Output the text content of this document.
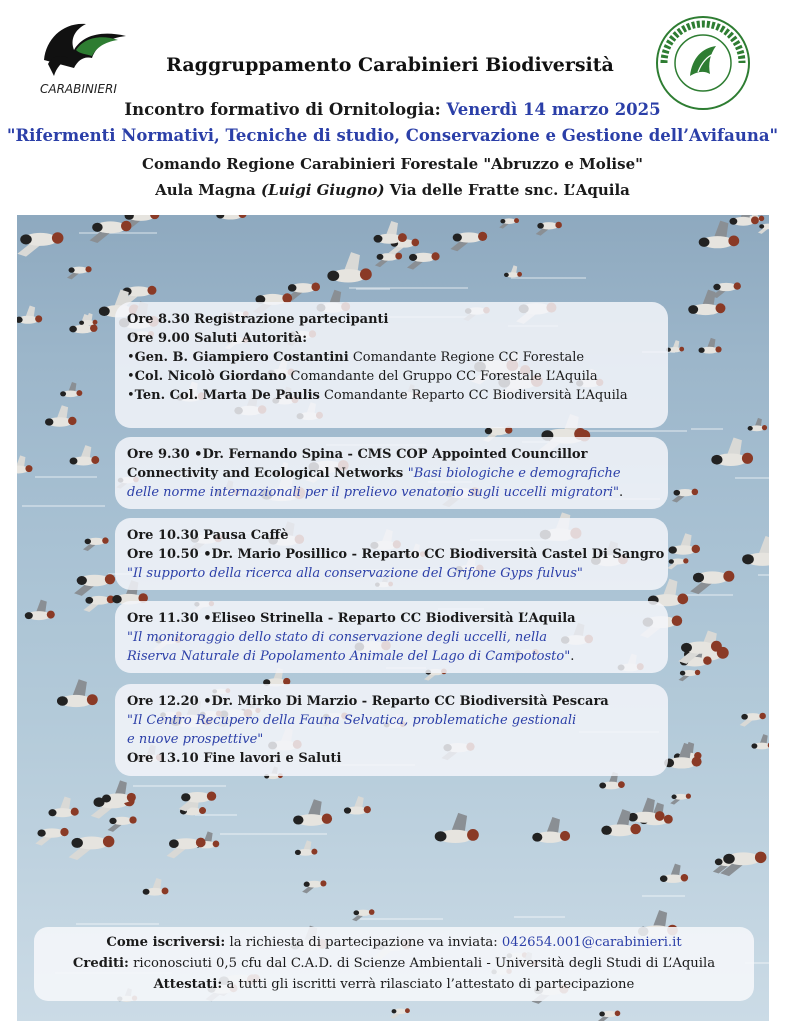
CARABINIERI
Raggruppamento Carabinieri Biodiversità
Incontro formativo di Ornitologia: Venerdì 14 marzo 2025
"Rifermenti Normativi, Tecniche di studio, Conservazione e Gestione dell’Avifauna"
Comando Regione Carabinieri Forestale "Abruzzo e Molise"
Aula Magna (Luigi Giugno) Via delle Fratte snc. L’Aquila
Ore 8.30 Registrazione partecipanti
Ore 9.00 Saluti Autorità:
•Gen. B. Giampiero Costantini Comandante Regione CC Forestale
•Col. Nicolò Giordano Comandante del Gruppo CC Forestale L’Aquila
•Ten. Col. Marta De Paulis Comandante Reparto CC Biodiversità L’Aquila
Ore 9.30 •Dr. Fernando Spina - CMS COP Appointed Councillor
Connectivity and Ecological Networks "Basi biologiche e demografiche
delle norme internazionali per il prelievo venatorio sugli uccelli migratori".
Ore 10.30 Pausa Caffè
Ore 10.50 •Dr. Mario Posillico - Reparto CC Biodiversità Castel Di Sangro
"Il supporto della ricerca alla conservazione del Grifone Gyps fulvus"
Ore 11.30 •Eliseo Strinella - Reparto CC Biodiversità L’Aquila
"Il monitoraggio dello stato di conservazione degli uccelli, nella
Riserva Naturale di Popolamento Animale del Lago di Campotosto".
Ore 12.20 •Dr. Mirko Di Marzio - Reparto CC Biodiversità Pescara
"Il Centro Recupero della Fauna Selvatica, problematiche gestionali
e nuove prospettive"
Ore 13.10 Fine lavori e Saluti
Come iscriversi: la richiesta di partecipazione va inviata: 042654.001@carabinieri.it
Crediti: riconosciuti 0,5 cfu dal C.A.D. di Scienze Ambientali - Università degli Studi di L’Aquila
Attestati: a tutti gli iscritti verrà rilasciato l’attestato di partecipazione
